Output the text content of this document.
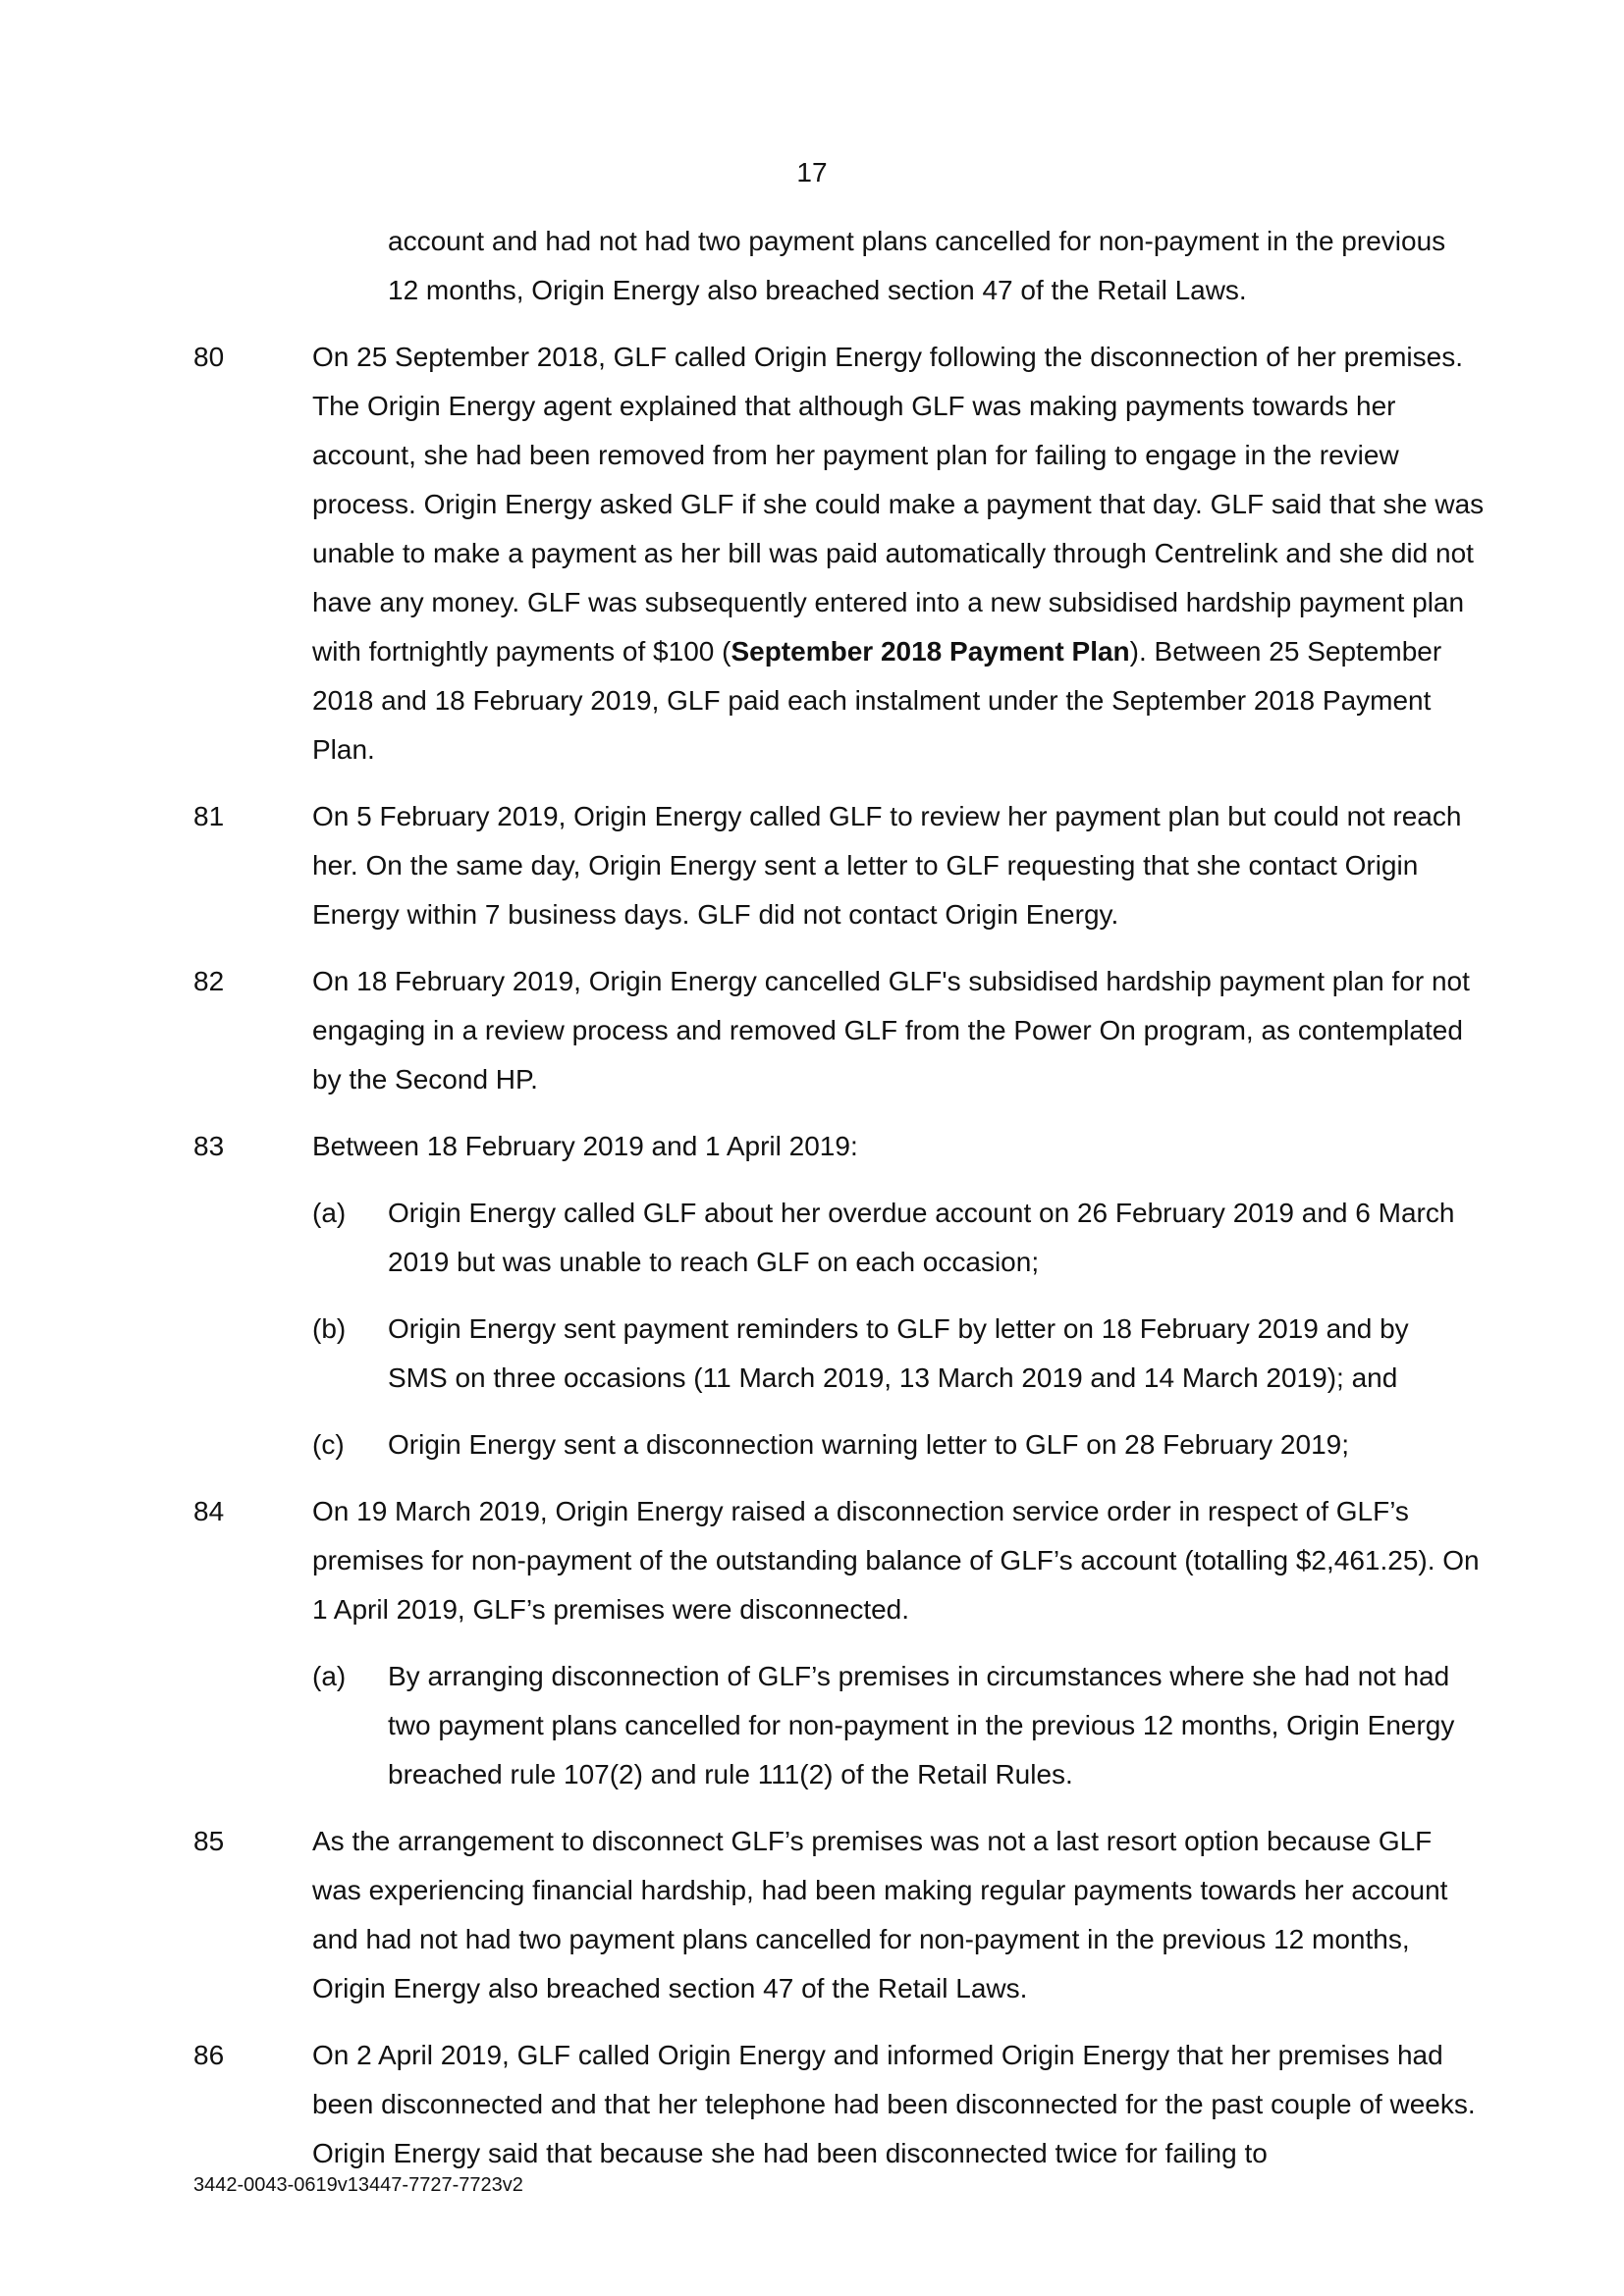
17
account and had not had two payment plans cancelled for non-payment in the previous 12 months, Origin Energy also breached section 47 of the Retail Laws.
80	On 25 September 2018, GLF called Origin Energy following the disconnection of her premises. The Origin Energy agent explained that although GLF was making payments towards her account, she had been removed from her payment plan for failing to engage in the review process. Origin Energy asked GLF if she could make a payment that day. GLF said that she was unable to make a payment as her bill was paid automatically through Centrelink and she did not have any money. GLF was subsequently entered into a new subsidised hardship payment plan with fortnightly payments of $100 (September 2018 Payment Plan). Between 25 September 2018 and 18 February 2019, GLF paid each instalment under the September 2018 Payment Plan.
81	On 5 February 2019, Origin Energy called GLF to review her payment plan but could not reach her. On the same day, Origin Energy sent a letter to GLF requesting that she contact Origin Energy within 7 business days. GLF did not contact Origin Energy.
82	On 18 February 2019, Origin Energy cancelled GLF's subsidised hardship payment plan for not engaging in a review process and removed GLF from the Power On program, as contemplated by the Second HP.
83	Between 18 February 2019 and 1 April 2019:
(a) Origin Energy called GLF about her overdue account on 26 February 2019 and 6 March 2019 but was unable to reach GLF on each occasion;
(b) Origin Energy sent payment reminders to GLF by letter on 18 February 2019 and by SMS on three occasions (11 March 2019, 13 March 2019 and 14 March 2019); and
(c) Origin Energy sent a disconnection warning letter to GLF on 28 February 2019;
84	On 19 March 2019, Origin Energy raised a disconnection service order in respect of GLF’s premises for non-payment of the outstanding balance of GLF’s account (totalling $2,461.25). On 1 April 2019, GLF’s premises were disconnected.
(a) By arranging disconnection of GLF’s premises in circumstances where she had not had two payment plans cancelled for non-payment in the previous 12 months, Origin Energy breached rule 107(2) and rule 111(2) of the Retail Rules.
85	As the arrangement to disconnect GLF’s premises was not a last resort option because GLF was experiencing financial hardship, had been making regular payments towards her account and had not had two payment plans cancelled for non-payment in the previous 12 months, Origin Energy also breached section 47 of the Retail Laws.
86	On 2 April 2019, GLF called Origin Energy and informed Origin Energy that her premises had been disconnected and that her telephone had been disconnected for the past couple of weeks. Origin Energy said that because she had been disconnected twice for failing to
3442-0043-0619v13447-7727-7723v2
